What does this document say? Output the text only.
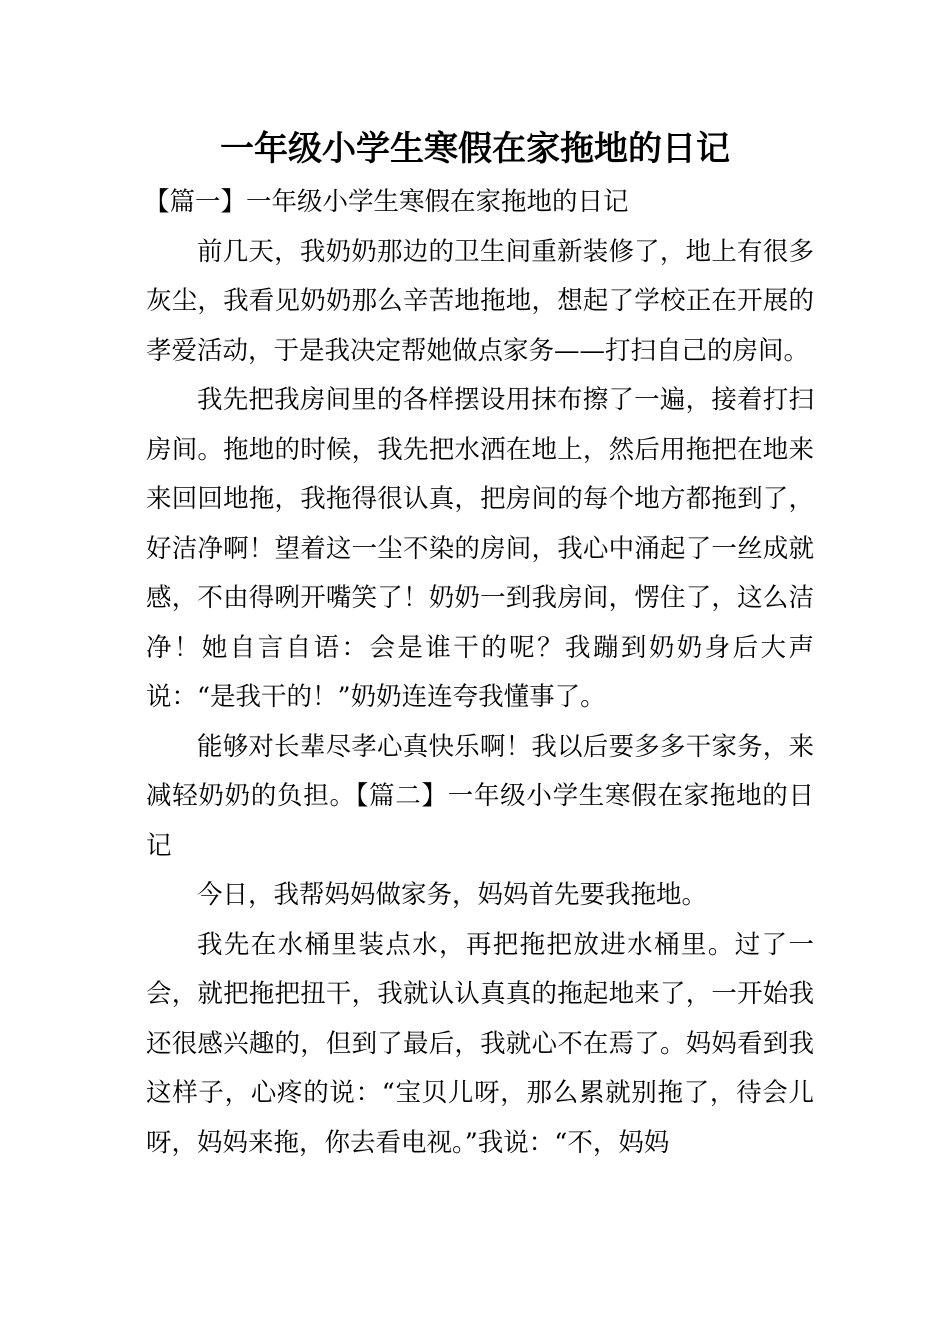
一年级小学生寒假在家拖地的日记

【篇一】一年级小学生寒假在家拖地的日记

前几天，我奶奶那边的卫生间重新装修了，地上有很多灰尘，我看见奶奶那么辛苦地拖地，想起了学校正在开展的孝爱活动，于是我决定帮她做点家务——打扫自己的房间。

我先把我房间里的各样摆设用抹布擦了一遍，接着打扫房间。拖地的时候，我先把水洒在地上，然后用拖把在地来来回回地拖，我拖得很认真，把房间的每个地方都拖到了，好洁净啊！望着这一尘不染的房间，我心中涌起了一丝成就感，不由得咧开嘴笑了！奶奶一到我房间，愣住了，这么洁净！她自言自语：会是谁干的呢？我蹦到奶奶身后大声说：“是我干的！”奶奶连连夸我懂事了。

能够对长辈尽孝心真快乐啊！我以后要多多干家务，来减轻奶奶的负担。【篇二】一年级小学生寒假在家拖地的日记

今日，我帮妈妈做家务，妈妈首先要我拖地。

我先在水桶里装点水，再把拖把放进水桶里。过了一会，就把拖把扭干，我就认认真真的拖起地来了，一开始我还很感兴趣的，但到了最后，我就心不在焉了。妈妈看到我这样子，心疼的说：“宝贝儿呀，那么累就别拖了，待会儿呀，妈妈来拖，你去看电视。”我说：“不，妈妈
